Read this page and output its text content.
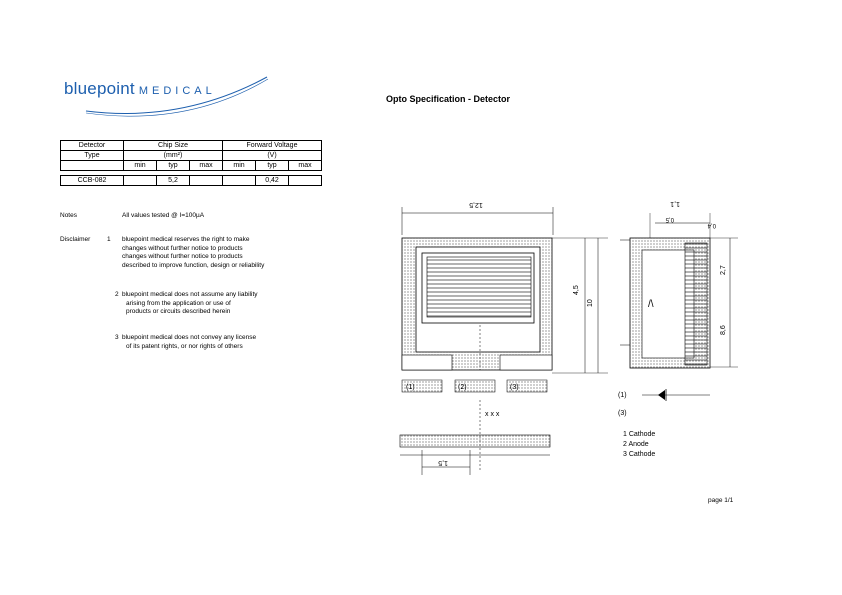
bluepoint MEDICAL
Opto Specification - Detector
Detector	Chip Size			Forward Voltage		
Type	(mm²)			(V)		
	min	typ	max	min	typ	max

CCB-082		5,2			0,42	
Notes	All values tested @ I=100µA
Disclaimer	1 bluepoint medical reserves the right to make
changes without further notice to products
changes without further notice to products
described to improve function, design or reliability
2 bluepoint medical does not assume any liability
arising from the application or use of
products or circuits described herein
3 bluepoint medical does not convey any license
of its patent rights, or nor rights of others
12,5
4,5
10
(1)	(2)	(3)
x x x
1,5
/\
1,1
0,5
0,4
2,7
8,6
(1)
(3)
1 Cathode
2 Anode
3 Cathode
page 1/1
